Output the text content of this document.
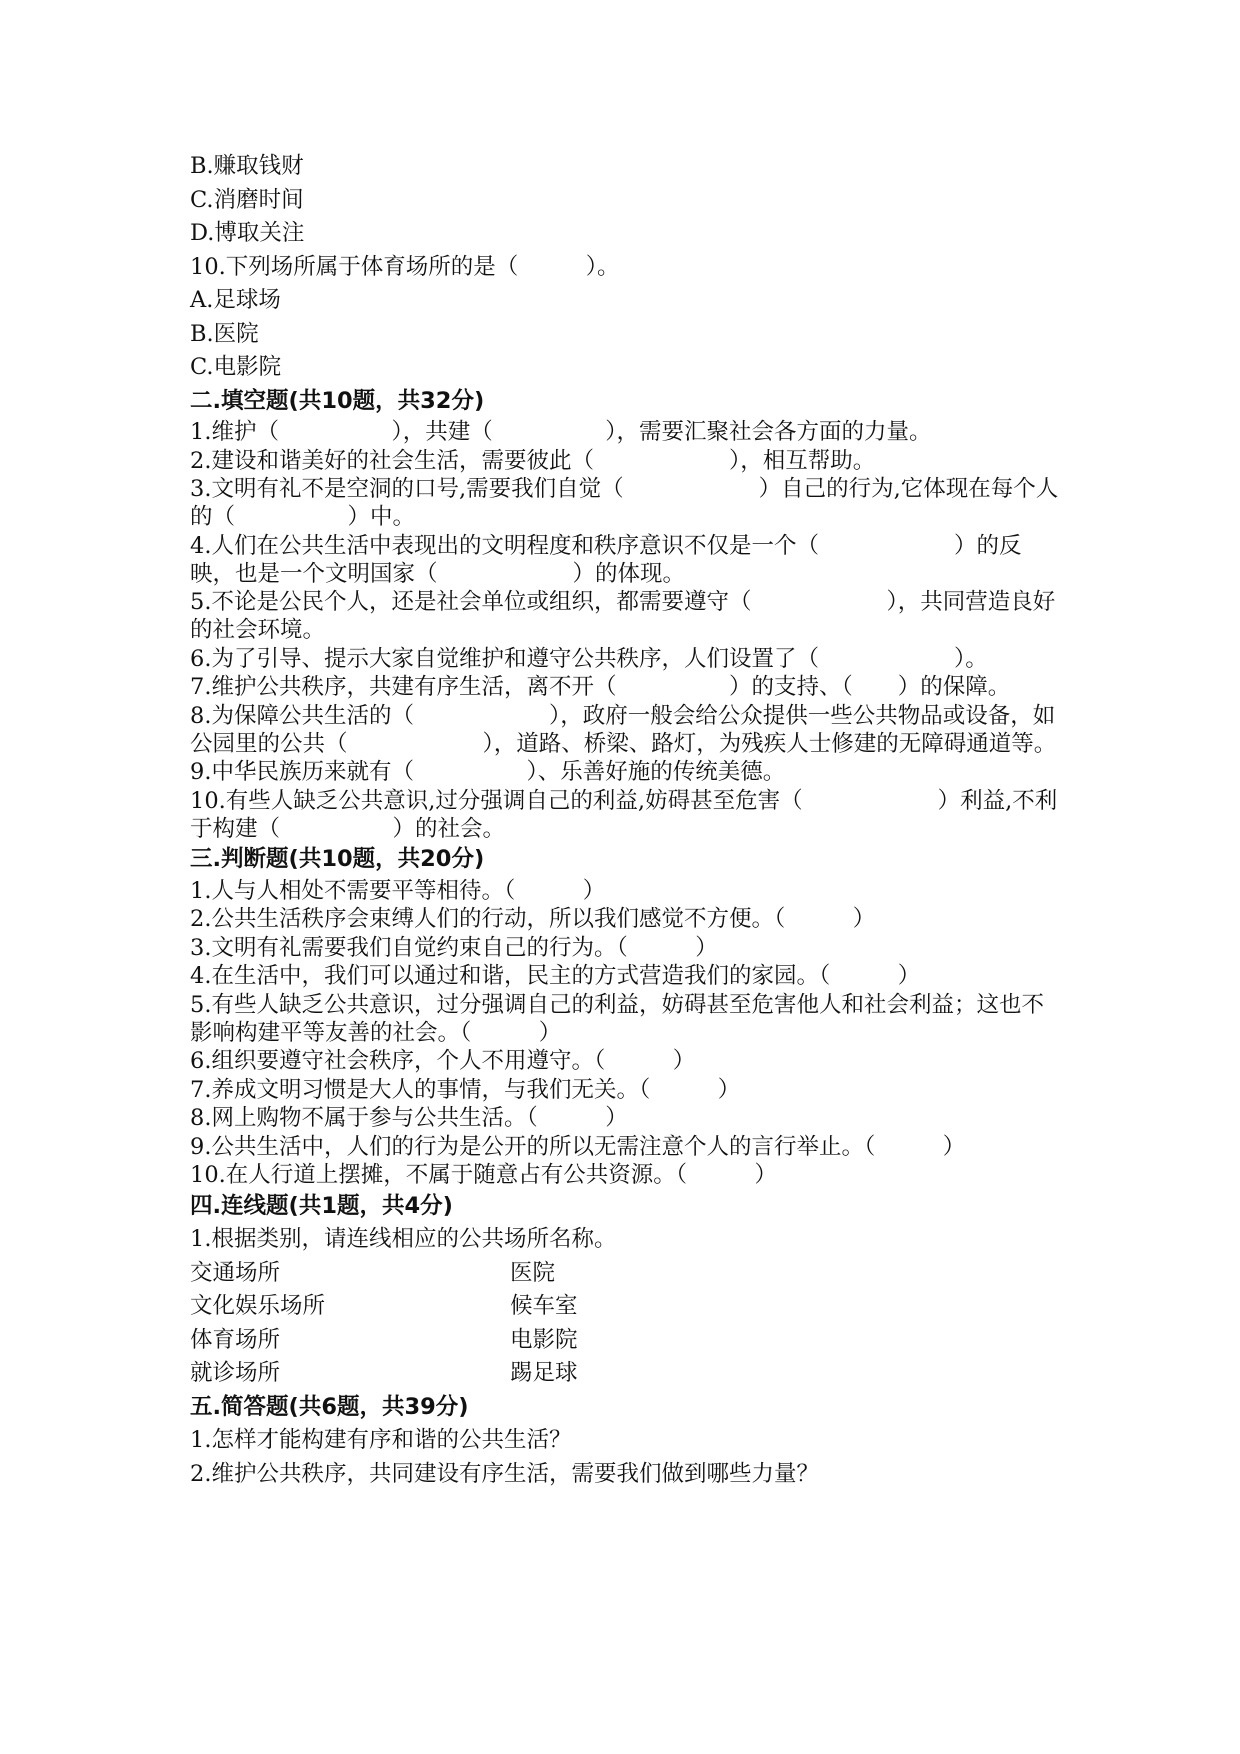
B.赚取钱财

C.消磨时间

D.博取关注

10.下列场所属于体育场所的是（　　　）。

A.足球场

B.医院

C.电影院

二.填空题(共10题，共32分)

1.维护（　　　　　），共建（　　　　　），需要汇聚社会各方面的力量。

2.建设和谐美好的社会生活，需要彼此（　　　　　　），相互帮助。

3.文明有礼不是空洞的口号,需要我们自觉（　　　　　　）自己的行为,它体现在每个人的（　　　　　）中。

4.人们在公共生活中表现出的文明程度和秩序意识不仅是一个（　　　　　　）的反映，也是一个文明国家（　　　　　　）的体现。

5.不论是公民个人，还是社会单位或组织，都需要遵守（　　　　　　），共同营造良好的社会环境。

6.为了引导、提示大家自觉维护和遵守公共秩序，人们设置了（　　　　　　）。

7.维护公共秩序，共建有序生活，离不开（　　　　　）的支持、（　　）的保障。

8.为保障公共生活的（　　　　　　），政府一般会给公众提供一些公共物品或设备，如公园里的公共（　　　　　　），道路、桥梁、路灯，为残疾人士修建的无障碍通道等。

9.中华民族历来就有（　　　　　）、乐善好施的传统美德。

10.有些人缺乏公共意识,过分强调自己的利益,妨碍甚至危害（　　　　　　）利益,不利于构建（　　　　　）的社会。

三.判断题(共10题，共20分)

1.人与人相处不需要平等相待。（　　　）

2.公共生活秩序会束缚人们的行动，所以我们感觉不方便。（　　　）

3.文明有礼需要我们自觉约束自己的行为。（　　　）

4.在生活中，我们可以通过和谐，民主的方式营造我们的家园。（　　　）

5.有些人缺乏公共意识，过分强调自己的利益，妨碍甚至危害他人和社会利益；这也不影响构建平等友善的社会。（　　　）

6.组织要遵守社会秩序，个人不用遵守。（　　　）

7.养成文明习惯是大人的事情，与我们无关。（　　　）

8.网上购物不属于参与公共生活。（　　　）

9.公共生活中，人们的行为是公开的所以无需注意个人的言行举止。（　　　）

10.在人行道上摆摊，不属于随意占有公共资源。（　　　）

四.连线题(共1题，共4分)

1.根据类别，请连线相应的公共场所名称。

交通场所	医院
文化娱乐场所	候车室
体育场所	电影院
就诊场所	踢足球

五.简答题(共6题，共39分)

1.怎样才能构建有序和谐的公共生活？

2.维护公共秩序，共同建设有序生活，需要我们做到哪些力量？
